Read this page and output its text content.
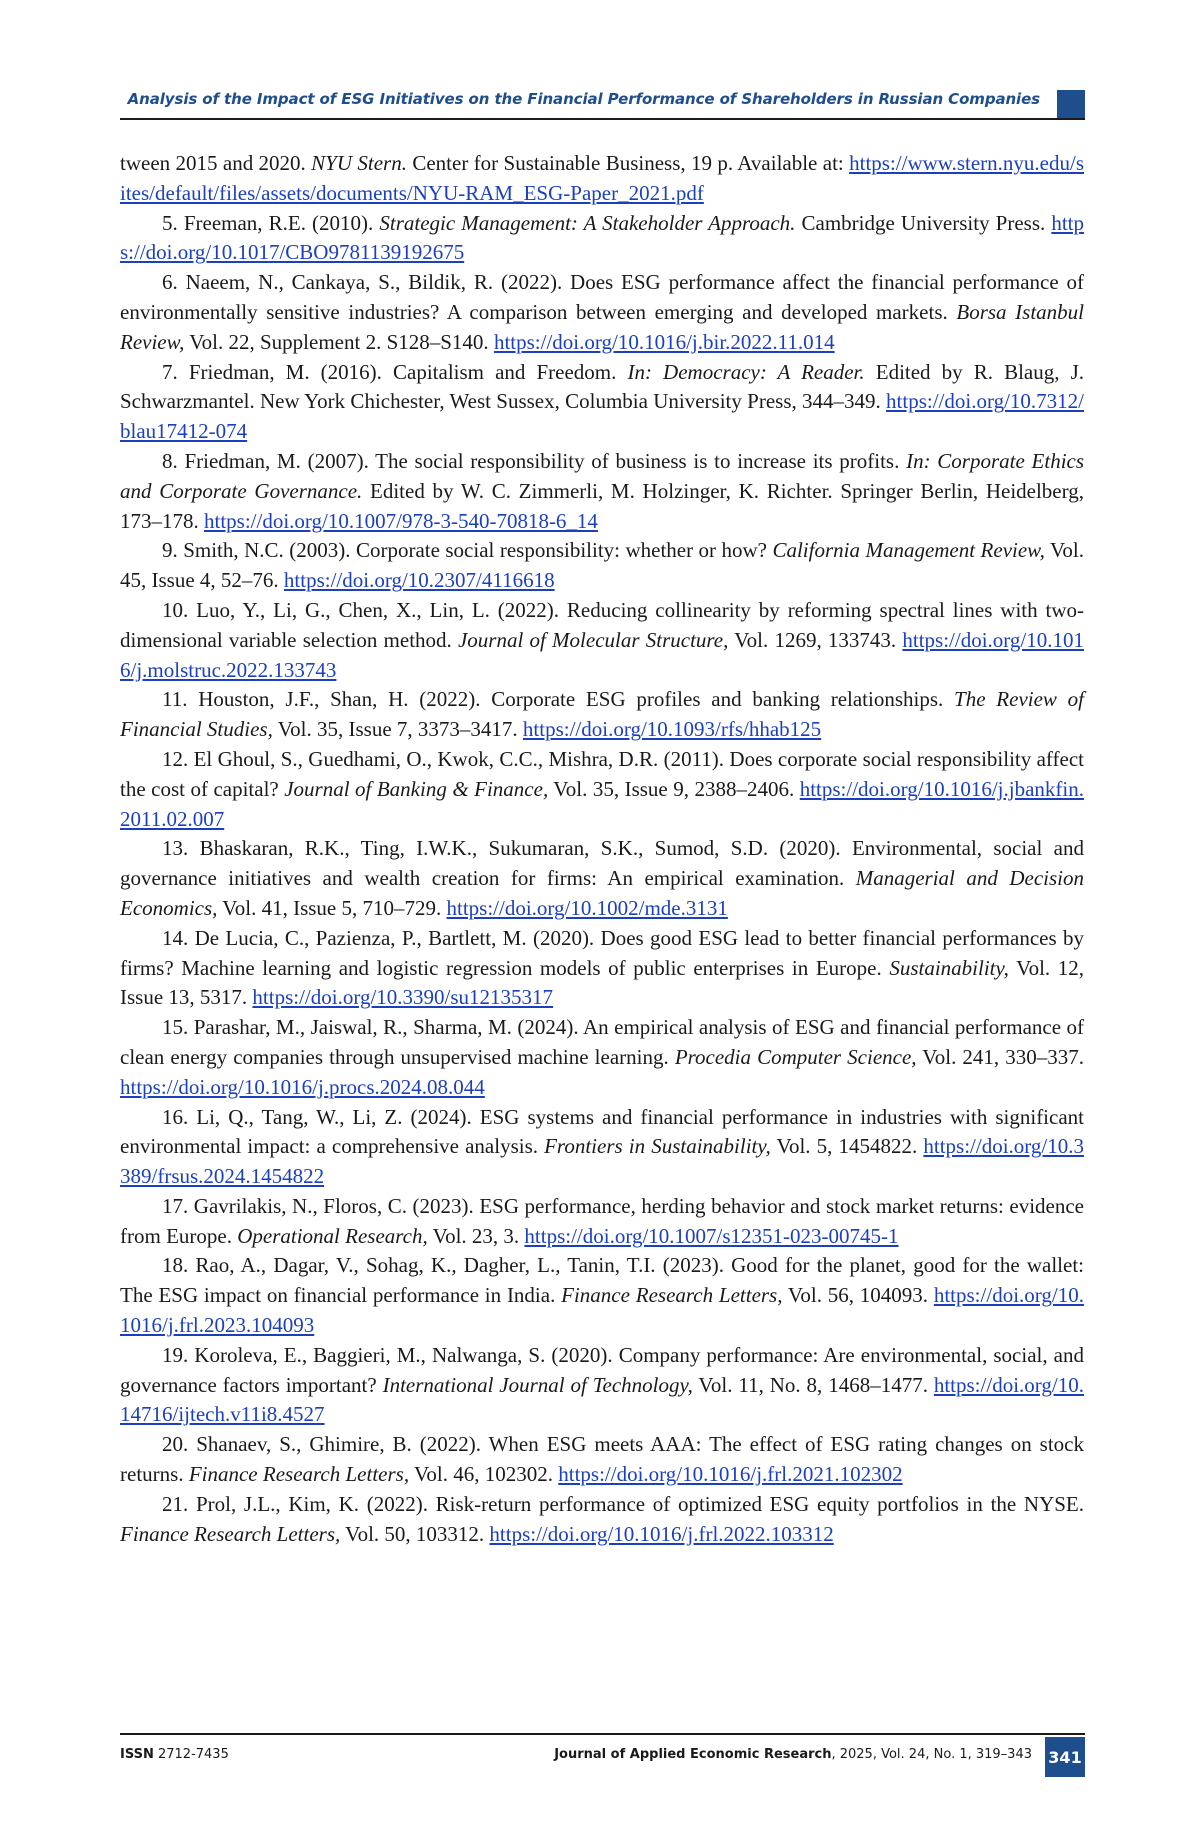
Analysis of the Impact of ESG Initiatives on the Financial Performance of Shareholders in Russian Companies

tween 2015 and 2020. NYU Stern. Center for Sustainable Business, 19 p. Available at: https://www.stern.nyu.edu/sites/default/files/assets/documents/NYU-RAM_ESG-Paper_2021.pdf

5. Freeman, R.E. (2010). Strategic Management: A Stakeholder Approach. Cambridge University Press. https://doi.org/10.1017/CBO9781139192675

6. Naeem, N., Cankaya, S., Bildik, R. (2022). Does ESG performance affect the financial performance of environmentally sensitive industries? A comparison between emerging and developed markets. Borsa Istanbul Review, Vol. 22, Supplement 2. S128–S140. https://doi.org/10.1016/j.bir.2022.11.014

7. Friedman, M. (2016). Capitalism and Freedom. In: Democracy: A Reader. Edited by R. Blaug, J. Schwarzmantel. New York Chichester, West Sussex, Columbia University Press, 344–349. https://doi.org/10.7312/blau17412-074

8. Friedman, M. (2007). The social responsibility of business is to increase its profits. In: Corporate Ethics and Corporate Governance. Edited by W. C. Zimmerli, M. Holzinger, K. Richter. Springer Berlin, Heidelberg, 173–178. https://doi.org/10.1007/978-3-540-70818-6_14

9. Smith, N.C. (2003). Corporate social responsibility: whether or how? California Management Review, Vol. 45, Issue 4, 52–76. https://doi.org/10.2307/4116618

10. Luo, Y., Li, G., Chen, X., Lin, L. (2022). Reducing collinearity by reforming spectral lines with two-dimensional variable selection method. Journal of Molecular Structure, Vol. 1269, 133743. https://doi.org/10.1016/j.molstruc.2022.133743

11. Houston, J.F., Shan, H. (2022). Corporate ESG profiles and banking relationships. The Review of Financial Studies, Vol. 35, Issue 7, 3373–3417. https://doi.org/10.1093/rfs/hhab125

12. El Ghoul, S., Guedhami, O., Kwok, C.C., Mishra, D.R. (2011). Does corporate social responsibility affect the cost of capital? Journal of Banking & Finance, Vol. 35, Issue 9, 2388–2406. https://doi.org/10.1016/j.jbankfin.2011.02.007

13. Bhaskaran, R.K., Ting, I.W.K., Sukumaran, S.K., Sumod, S.D. (2020). Environmental, social and governance initiatives and wealth creation for firms: An empirical examination. Managerial and Decision Economics, Vol. 41, Issue 5, 710–729. https://doi.org/10.1002/mde.3131

14. De Lucia, C., Pazienza, P., Bartlett, M. (2020). Does good ESG lead to better financial performances by firms? Machine learning and logistic regression models of public enterprises in Europe. Sustainability, Vol. 12, Issue 13, 5317. https://doi.org/10.3390/su12135317

15. Parashar, M., Jaiswal, R., Sharma, M. (2024). An empirical analysis of ESG and financial performance of clean energy companies through unsupervised machine learning. Procedia Computer Science, Vol. 241, 330–337. https://doi.org/10.1016/j.procs.2024.08.044

16. Li, Q., Tang, W., Li, Z. (2024). ESG systems and financial performance in industries with significant environmental impact: a comprehensive analysis. Frontiers in Sustainability, Vol. 5, 1454822. https://doi.org/10.3389/frsus.2024.1454822

17. Gavrilakis, N., Floros, C. (2023). ESG performance, herding behavior and stock market returns: evidence from Europe. Operational Research, Vol. 23, 3. https://doi.org/10.1007/s12351-023-00745-1

18. Rao, A., Dagar, V., Sohag, K., Dagher, L., Tanin, T.I. (2023). Good for the planet, good for the wallet: The ESG impact on financial performance in India. Finance Research Letters, Vol. 56, 104093. https://doi.org/10.1016/j.frl.2023.104093

19. Koroleva, E., Baggieri, M., Nalwanga, S. (2020). Company performance: Are environmental, social, and governance factors important? International Journal of Technology, Vol. 11, No. 8, 1468–1477. https://doi.org/10.14716/ijtech.v11i8.4527

20. Shanaev, S., Ghimire, B. (2022). When ESG meets AAA: The effect of ESG rating changes on stock returns. Finance Research Letters, Vol. 46, 102302. https://doi.org/10.1016/j.frl.2021.102302

21. Prol, J.L., Kim, K. (2022). Risk-return performance of optimized ESG equity portfolios in the NYSE. Finance Research Letters, Vol. 50, 103312. https://doi.org/10.1016/j.frl.2022.103312

ISSN 2712-7435	Journal of Applied Economic Research, 2025, Vol. 24, No. 1, 319–343 341
